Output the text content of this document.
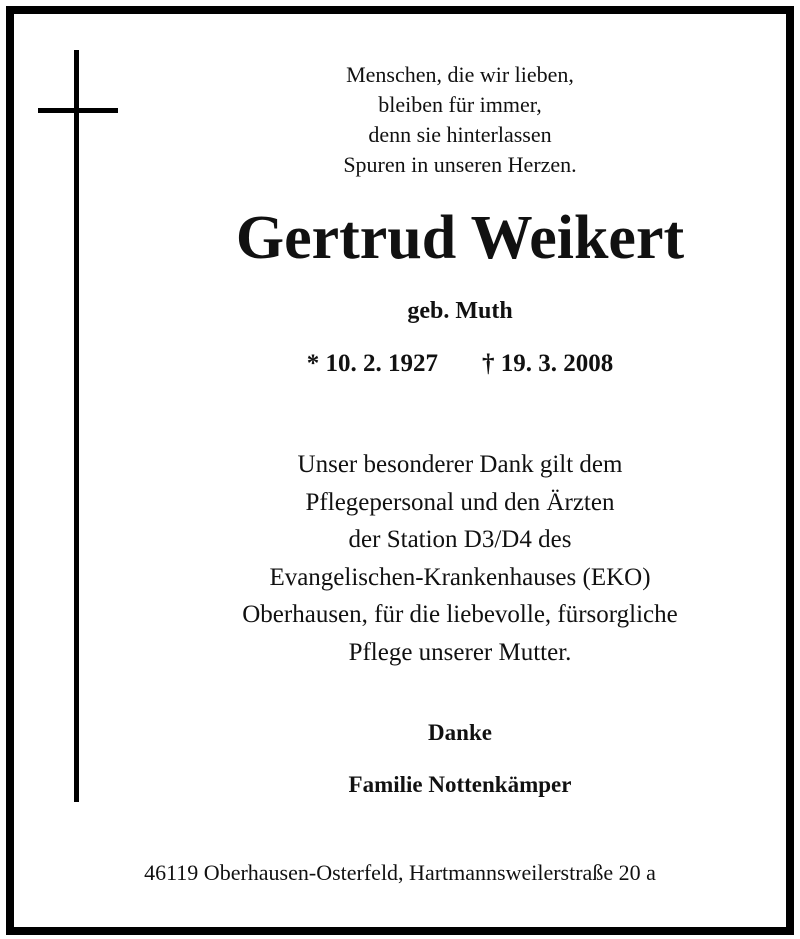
Menschen, die wir lieben,
bleiben für immer,
denn sie hinterlassen
Spuren in unseren Herzen.
Gertrud Weikert
geb. Muth
* 10. 2. 1927 † 19. 3. 2008
Unser besonderer Dank gilt dem
Pflegepersonal und den Ärzten
der Station D3/D4 des
Evangelischen-Krankenhauses (EKO)
Oberhausen, für die liebevolle, fürsorgliche
Pflege unserer Mutter.
Danke
Familie Nottenkämper
46119 Oberhausen-Osterfeld, Hartmannsweilerstraße 20 a
